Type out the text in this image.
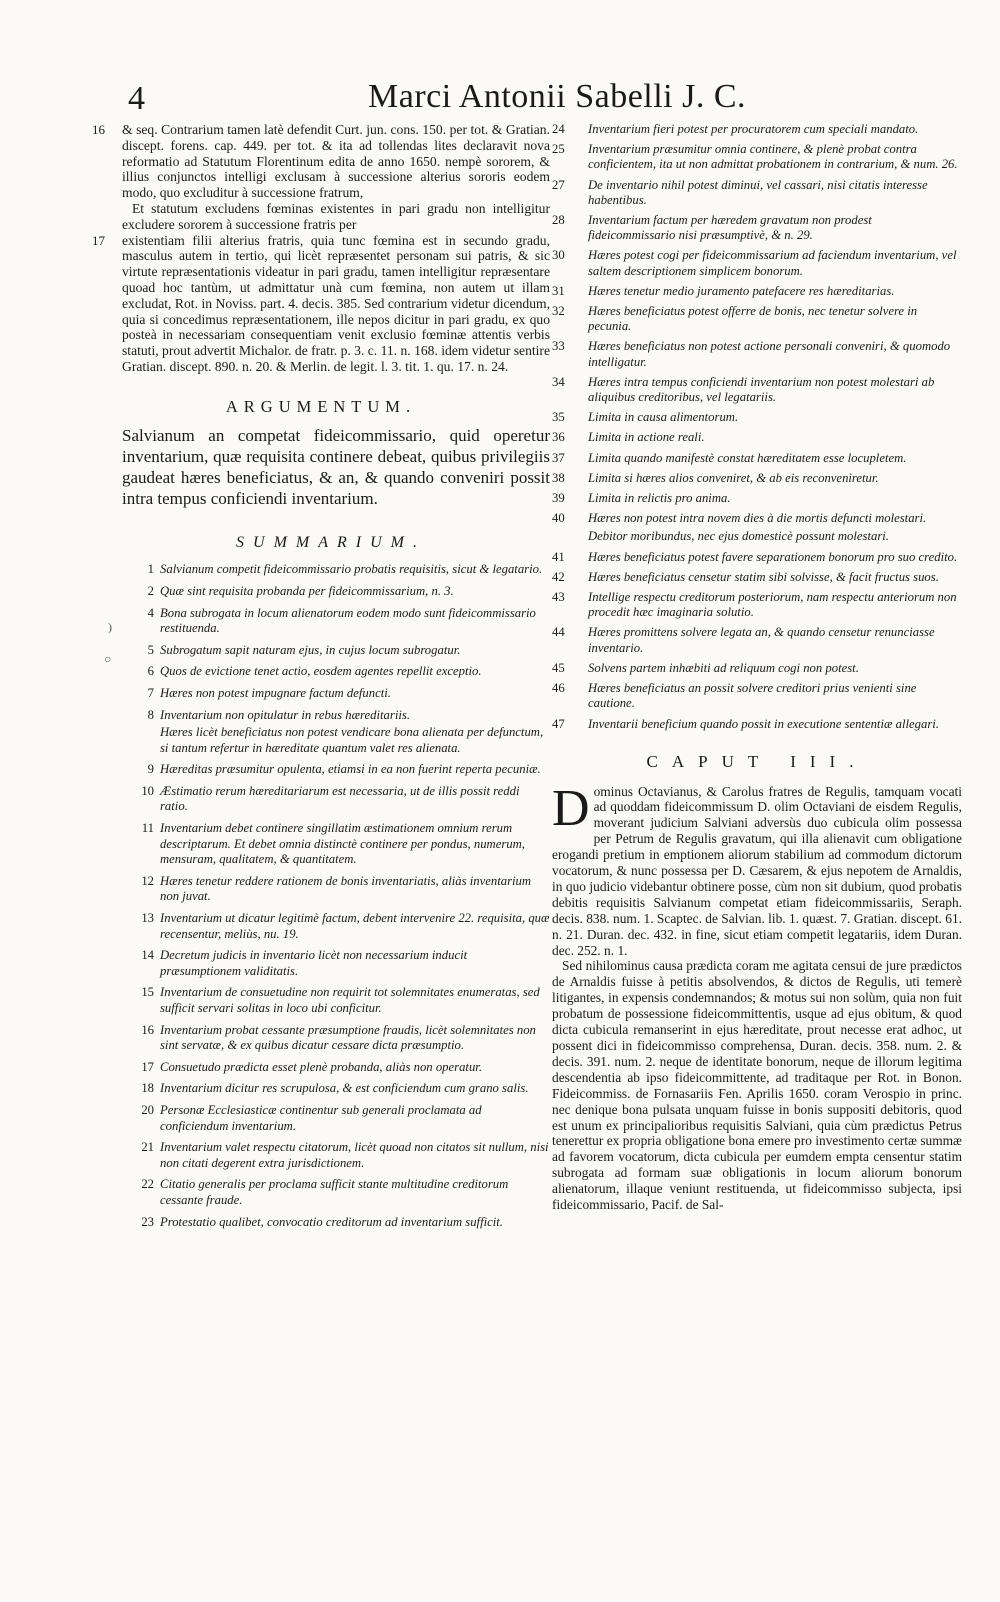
4	Marci Antonii Sabelli J. C.
16 & seq. Contrarium tamen latè defendit Curt. jun. cons. 150. per tot. & Gratian. discept. forens. cap. 449. per tot. & ita ad tollendas lites declaravit nova reformatio ad Statutum Florentinum edita de anno 1650. nempè sororem, & illius conjunctos intelligi exclusam à successione alterius sororis eodem modo, quo excluditur à successione fratrum,

Et statutum excludens fœminas existentes in pari gradu non intelligitur excludere sororem à successione fratris per

17 existentiam filii alterius fratris, quia tunc fœmina est in secundo gradu, masculus autem in tertio, qui licèt repræsentet personam sui patris, & sic virtute repræsentationis videatur in pari gradu, tamen intelligitur repræsentare quoad hoc tantùm, ut admittatur unà cum fœmina, non autem ut illam excludat, Rot. in Noviss. part. 4. decis. 385. Sed contrarium videtur dicendum, quia si concedimus repræsentationem, ille nepos dicitur in pari gradu, ex quo posteà in necessariam consequentiam venit exclusio fœminæ attentis verbis statuti, prout advertit Michalor. de fratr. p. 3. c. 11. n. 168. idem videtur sentire Gratian. discept. 890. n. 20. & Merlin. de legit. l. 3. tit. 1. qu. 17. n. 24.

ARGUMENTUM.
Salvianum an competat fideicommissario, quid operetur inventarium, quæ requisita continere debeat, quibus privilegiis gaudeat hæres beneficiatus, & an, & quando conveniri possit intra tempus conficiendi inventarium.
SUMMARIUM.
1 Salvianum competit fideicommissario probatis requisitis, sicut & legatario.
2 Quæ sint requisita probanda per fideicommissarium, n. 3.
4 Bona subrogata in locum alienatorum eodem modo sunt fideicommissario restituenda.
5 Subrogatum sapit naturam ejus, in cujus locum subrogatur.
6 Quos de evictione tenet actio, eosdem agentes repellit exceptio.
7 Hæres non potest impugnare factum defuncti.
8 Inventarium non opitulatur in rebus hæreditariis.
Hæres licèt beneficiatus non potest vendicare bona alienata per defunctum, si tantum refertur in hæreditate quantum valet res alienata.
9 Hæreditas præsumitur opulenta, etiamsi in ea non fuerint reperta pecuniæ.
10 Æstimatio rerum hæreditariarum est necessaria, ut de illis possit reddi ratio.
11 Inventarium debet continere singillatim æstimationem omnium rerum descriptarum. Et debet omnia distinctè continere per pondus, numerum, mensuram, qualitatem, & quantitatem.
12 Hæres tenetur reddere rationem de bonis inventariatis, aliàs inventarium non juvat.
13 Inventarium ut dicatur legitimè factum, debent intervenire 22. requisita, quæ recensentur, meliùs, nu. 19.
14 Decretum judicis in inventario licèt non necessarium inducit præsumptionem validitatis.
15 Inventarium de consuetudine non requirit tot solemnitates enumeratas, sed sufficit servari solitas in loco ubi conficitur.
16 Inventarium probat cessante præsumptione fraudis, licèt solemnitates non sint servatæ, & ex quibus dicatur cessare dicta præsumptio.
17 Consuetudo prædicta esset plenè probanda, aliàs non operatur.
18 Inventarium dicitur res scrupulosa, & est conficiendum cum grano salis.
20 Personæ Ecclesiasticæ continentur sub generali proclamata ad conficiendum inventarium.
21 Inventarium valet respectu citatorum, licèt quoad non citatos sit nullum, nisi non citati degerent extra jurisdictionem.
22 Citatio generalis per proclama sufficit stante multitudine creditorum cessante fraude.
23 Protestatio qualibet, convocatio creditorum ad inventarium sufficit.
24	Inventarium fieri potest per procuratorem cum speciali mandato.
25	Inventarium præsumitur omnia continere, & plenè probat contra conficientem, ita ut non admittat probationem in contrarium, & num. 26.
27	De inventario nihil potest diminui, vel cassari, nisi citatis interesse habentibus.
28	Inventarium factum per hæredem gravatum non prodest fideicommissario nisi præsumptivè, & n. 29.
30	Hæres potest cogi per fideicommissarium ad faciendum inventarium, vel saltem descriptionem simplicem bonorum.
31	Hæres tenetur medio juramento patefacere res hæreditarias.
32	Hæres beneficiatus potest offerre de bonis, nec tenetur solvere in pecunia.
33	Hæres beneficiatus non potest actione personali conveniri, & quomodo intelligatur.
34	Hæres intra tempus conficiendi inventarium non potest molestari ab aliquibus creditoribus, vel legatariis.
35	Limita in causa alimentorum.
36	Limita in actione reali.
37	Limita quando manifestè constat hæreditatem esse locupletem.
38	Limita si hæres alios conveniret, & ab eis reconveniretur.
39	Limita in relictis pro anima.
40	Hæres non potest intra novem dies à die mortis defuncti molestari.
Debitor moribundus, nec ejus domesticè possunt molestari.
41	Hæres beneficiatus potest favere separationem bonorum pro suo credito.
42	Hæres beneficiatus censetur statim sibi solvisse, & facit fructus suos.
43	Intellige respectu creditorum posteriorum, nam respectu anteriorum non procedit hæc imaginaria solutio.
44	Hæres promittens solvere legata an, & quando censetur renunciasse inventario.
45	Solvens partem inhæbiti ad reliquum cogi non potest.
46	Hæres beneficiatus an possit solvere creditori prius venienti sine cautione.
47	Inventarii beneficium quando possit in executione sententiæ allegari.
CAPUT III.

Dominus Octavianus, & Carolus fratres de Regulis, tamquam vocati ad quoddam fideicommissum D. olim Octaviani de eisdem Regulis, moverant judicium Salviani adversùs duo cubicula olim possessa per Petrum de Regulis gravatum, qui illa alienavit cum obligatione erogandi pretium in emptionem aliorum stabilium ad commodum dictorum vocatorum, & nunc possessa per D. Cæsarem, & ejus nepotem de Arnaldis, in quo judicio videbantur obtinere posse, cùm non sit dubium, quod probatis debitis requisitis Salvianum competat etiam fideicommissariis, Seraph. decis. 838. num. 1. Scaptec. de Salvian. lib. 1. quæst. 7. Gratian. discept. 61. n. 21. Duran. dec. 432. in fine, sicut etiam competit legatariis, idem Duran. dec. 252. n. 1.

Sed nihilominus causa prædicta coram me agitata censui de jure prædictos de Arnaldis fuisse à petitis absolvendos, & dictos de Regulis, uti temerè litigantes, in expensis condemnandos; & motus sui non solùm, quia non fuit probatum de possessione fideicommittentis, usque ad ejus obitum, & quod dicta cubicula remanserint in ejus hæreditate, prout necesse erat adhoc, ut possent dici in fideicommisso comprehensa, Duran. decis. 358. num. 2. & decis. 391. num. 2. neque de identitate bonorum, neque de illorum legitima descendentia ab ipso fideicommittente, ad traditaque per Rot. in Bonon. Fideicommiss. de Fornasariis Fen. Aprilis 1650. coram Verospio in princ. nec denique bona pulsata unquam fuisse in bonis suppositi debitoris, quod est unum ex principalioribus requisitis Salviani, quia cùm prædictus Petrus tenerettur ex propria obligatione bona emere pro investimento certæ summæ ad favorem vocatorum, dicta cubicula per eumdem empta censentur statim subrogata ad formam suæ obligationis in locum aliorum bonorum alienatorum, illaque veniunt restituenda, ut fideicommisso subjecta, ipsi fideicommissario, Pacif. de Sal-

)
○
